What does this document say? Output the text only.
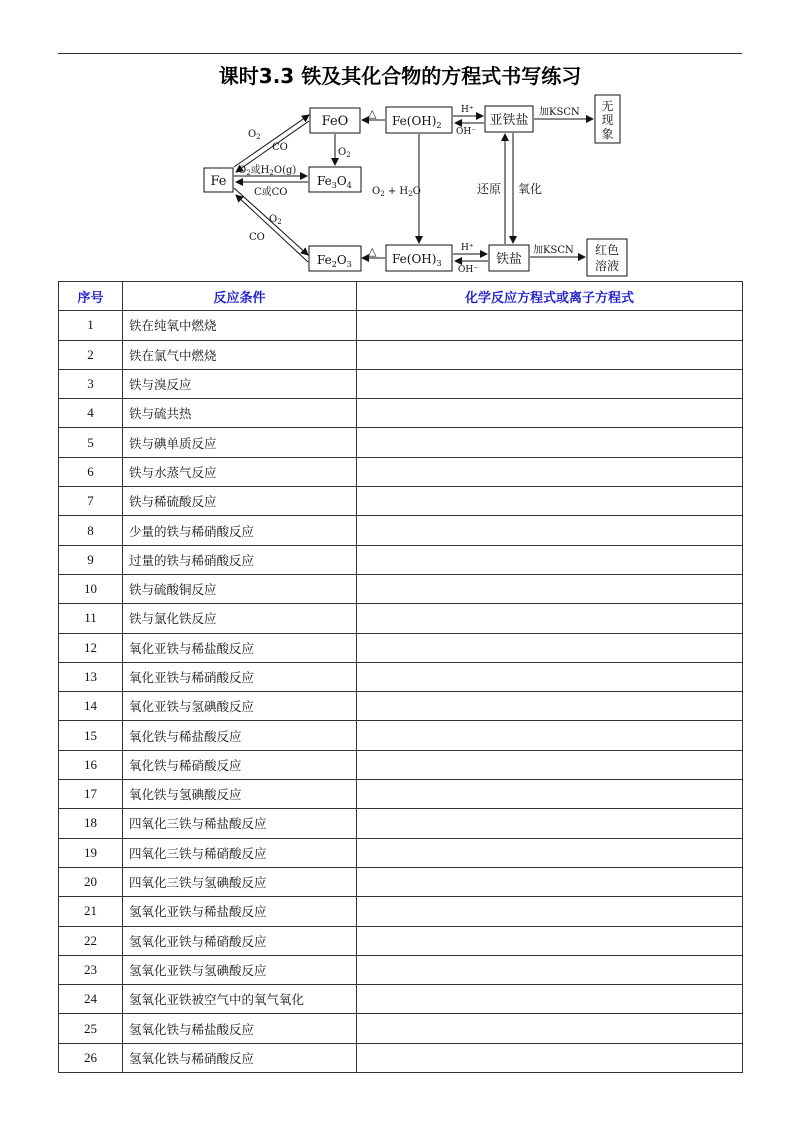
课时3.3 铁及其化合物的方程式书写练习
Fe
FeO
$Fe_3O_4$
$Fe_2O_3$
$Fe(OH)_2$
$Fe(OH)_3$
亚铁盐
铁盐
无
现
象
红色
溶液
$O_2$
CO
$O_2$或$H_2O(g)$
C或CO
$O_2$
CO
$O_2$
△
△
$O_2 + H_2O$
H⁺
OH⁻
H⁺
OH⁻
还原 氧化
加KSCN
加KSCN
序号	反应条件	化学反应方程式或离子方程式
1	铁在纯氧中燃烧	
2	铁在氯气中燃烧	
3	铁与溴反应	
4	铁与硫共热	
5	铁与碘单质反应	
6	铁与水蒸气反应	
7	铁与稀硫酸反应	
8	少量的铁与稀硝酸反应	
9	过量的铁与稀硝酸反应	
10	铁与硫酸铜反应	
11	铁与氯化铁反应	
12	氧化亚铁与稀盐酸反应	
13	氧化亚铁与稀硝酸反应	
14	氧化亚铁与氢碘酸反应	
15	氧化铁与稀盐酸反应	
16	氧化铁与稀硝酸反应	
17	氧化铁与氢碘酸反应	
18	四氧化三铁与稀盐酸反应	
19	四氧化三铁与稀硝酸反应	
20	四氧化三铁与氢碘酸反应	
21	氢氧化亚铁与稀盐酸反应	
22	氢氧化亚铁与稀硝酸反应	
23	氢氧化亚铁与氢碘酸反应	
24	氢氧化亚铁被空气中的氧气氧化	
25	氢氧化铁与稀盐酸反应	
26	氢氧化铁与稀硝酸反应	
